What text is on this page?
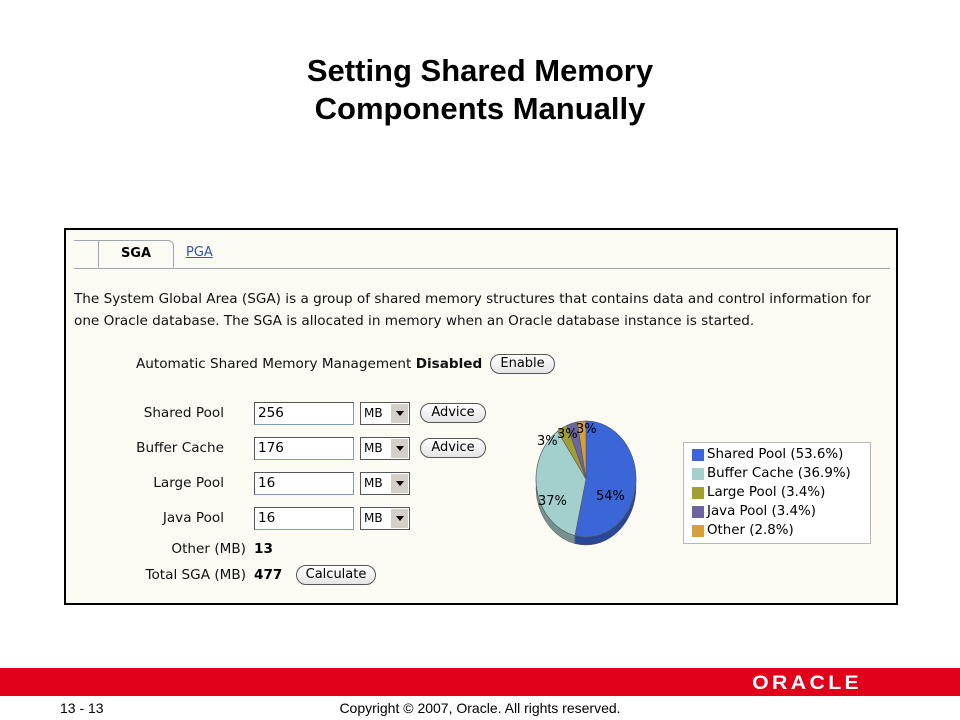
Setting Shared Memory
Components Manually
SGA	PGA
The System Global Area (SGA) is a group of shared memory structures that contains data and control information for
one Oracle database. The SGA is allocated in memory when an Oracle database instance is started.
Automatic Shared Memory Management Disabled	Enable
Shared Pool	256	MB	Advice
Buffer Cache	176	MB	Advice
Large Pool	16	MB
Java Pool	16	MB
Other (MB) 13
Total SGA (MB) 477	Calculate
3% 3%
3%
37% 54%
Shared Pool (53.6%)
Buffer Cache (36.9%)
Large Pool (3.4%)
Java Pool (3.4%)
Other (2.8%)
ORACLE
13 - 13	Copyright © 2007, Oracle. All rights reserved.
